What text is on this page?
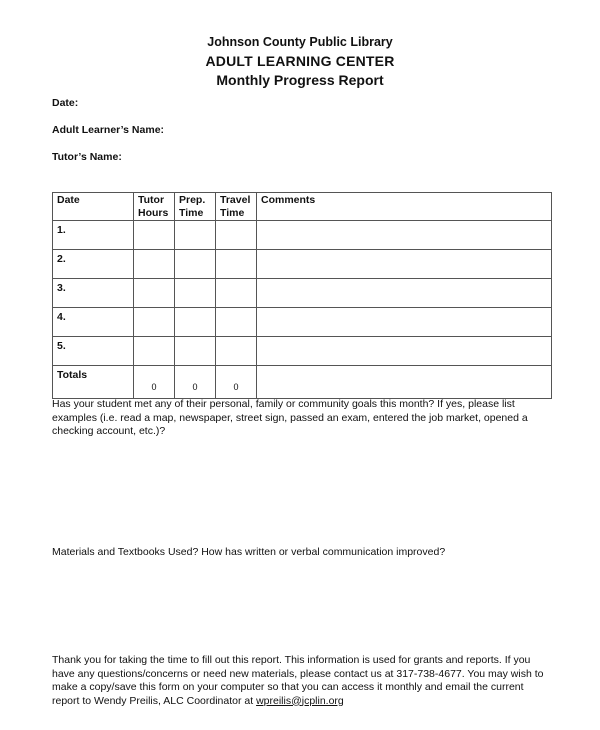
Johnson County Public Library
ADULT LEARNING CENTER
Monthly Progress Report
Date:
Adult Learner’s Name:
Tutor’s Name:
Date	Tutor Hours	Prep. Time	Travel Time	Comments
1.				
2.				
3.				
4.				
5.				
Totals	0	0	0	
Has your student met any of their personal, family or community goals this month? If yes, please list examples (i.e. read a map, newspaper, street sign, passed an exam, entered the job market, opened a checking account, etc.)?
Materials and Textbooks Used? How has written or verbal communication improved?
Thank you for taking the time to fill out this report. This information is used for grants and reports. If you have any questions/concerns or need new materials, please contact us at 317-738-4677. You may wish to make a copy/save this form on your computer so that you can access it monthly and email the current report to Wendy Preilis, ALC Coordinator at wpreilis@jcplin.org
